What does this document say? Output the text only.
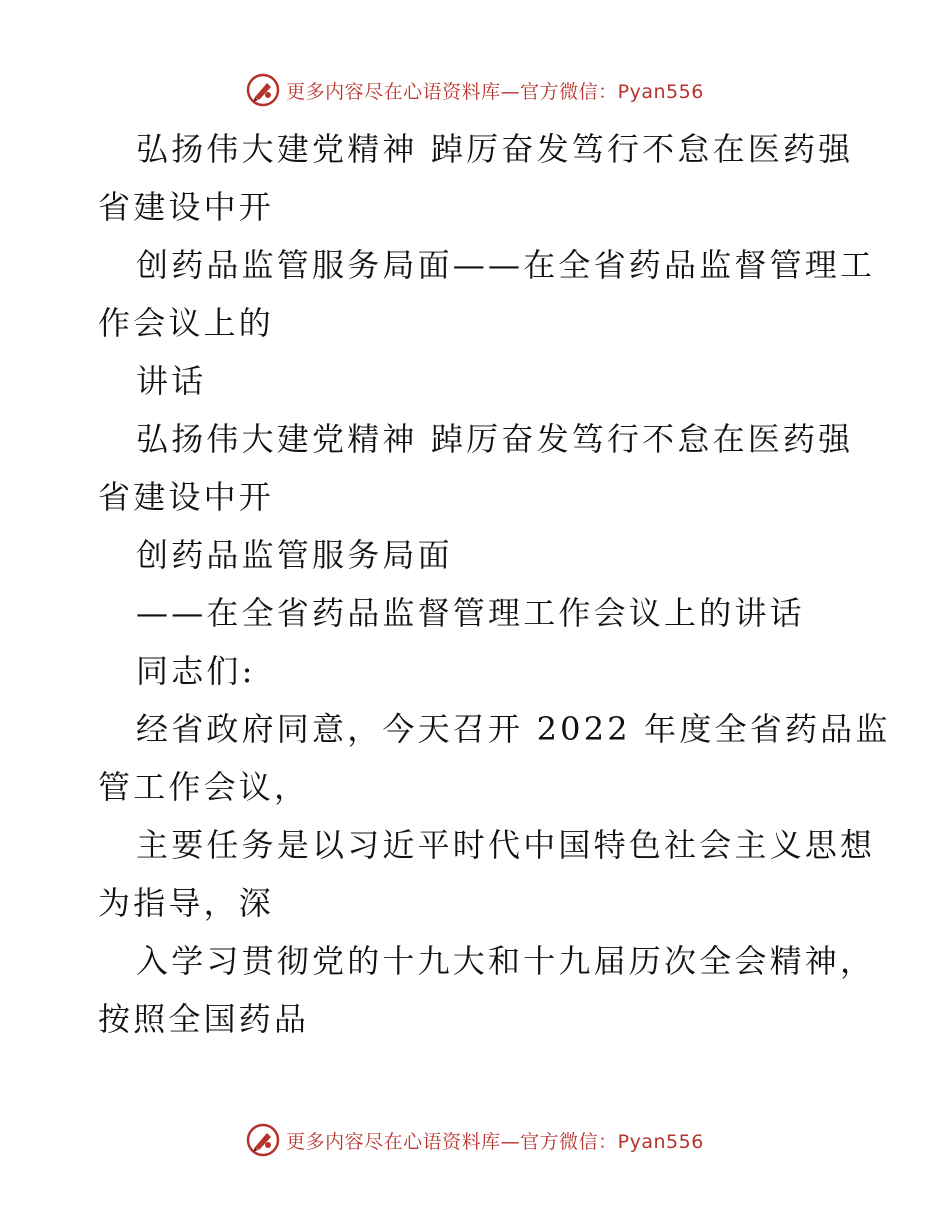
更多内容尽在心语资料库—官方微信：Pyan556

弘扬伟大建党精神 踔厉奋发笃行不怠在医药强

省建设中开

创药品监管服务局面——在全省药品监督管理工

作会议上的

讲话

弘扬伟大建党精神 踔厉奋发笃行不怠在医药强

省建设中开

创药品监管服务局面

——在全省药品监督管理工作会议上的讲话

同志们:

经省政府同意，今天召开 2022 年度全省药品监

管工作会议，

主要任务是以习近平时代中国特色社会主义思想

为指导，深

入学习贯彻党的十九大和十九届历次全会精神，

按照全国药品

更多内容尽在心语资料库—官方微信：Pyan556
